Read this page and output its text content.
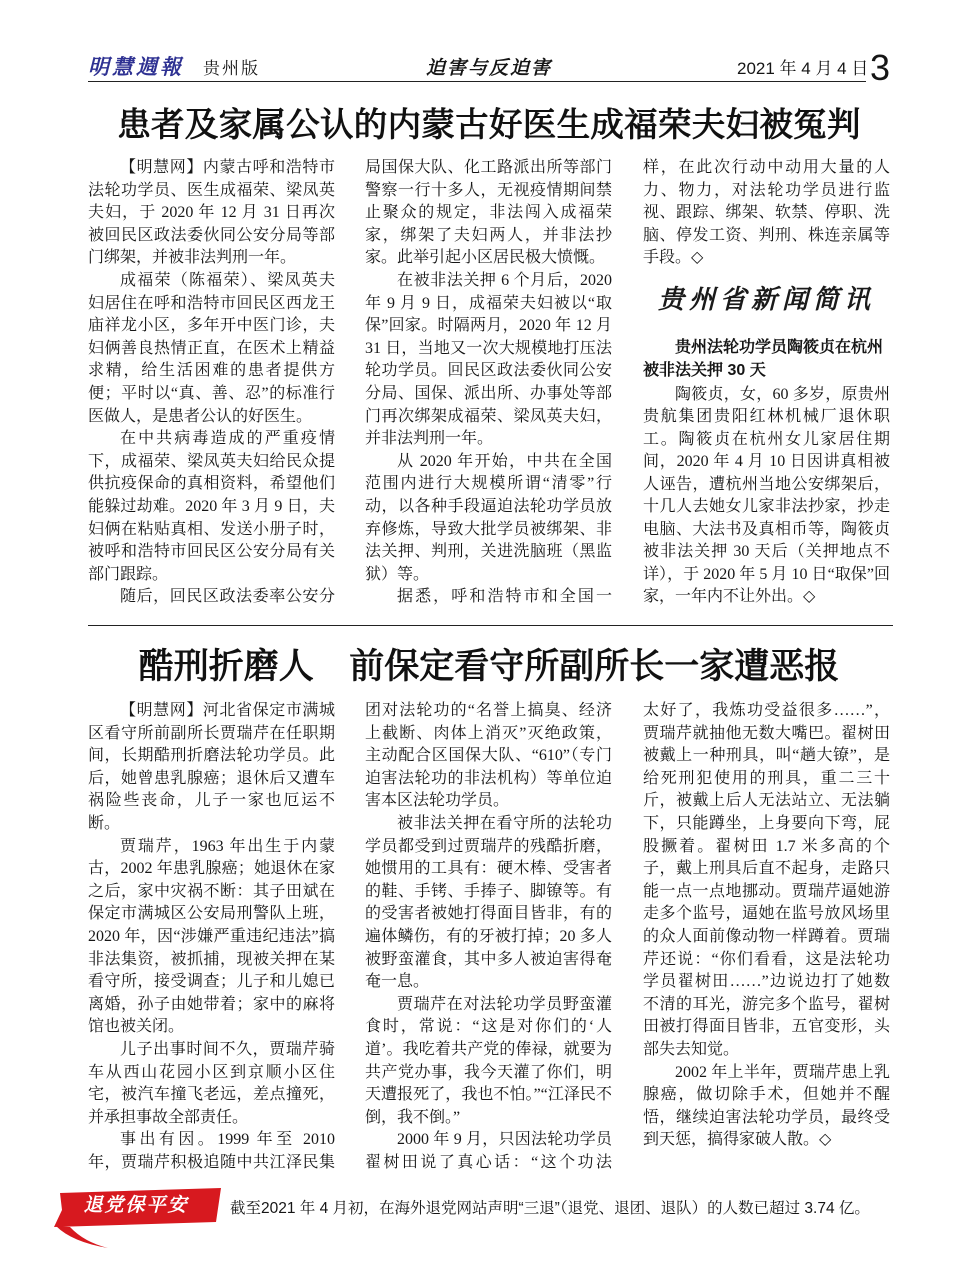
明慧週報 贵州版	迫害与反迫害	2021 年 4 月 4 日 3
患者及家属公认的内蒙古好医生成福荣夫妇被冤判

【明慧网】内蒙古呼和浩特市法轮功学员、医生成福荣、梁凤英夫妇，于 2020 年 12 月 31 日再次被回民区政法委伙同公安分局等部门绑架，并被非法判刑一年。

成福荣（陈福荣）、梁凤英夫妇居住在呼和浩特市回民区西龙王庙祥龙小区，多年开中医门诊，夫妇俩善良热情正直，在医术上精益求精，给生活困难的患者提供方便；平时以“真、善、忍”的标准行医做人，是患者公认的好医生。

在中共病毒造成的严重疫情下，成福荣、梁凤英夫妇给民众提供抗疫保命的真相资料，希望他们能躲过劫难。2020 年 3 月 9 日，夫妇俩在粘贴真相、发送小册子时，被呼和浩特市回民区公安分局有关部门跟踪。

随后，回民区政法委率公安分

局国保大队、化工路派出所等部门警察一行十多人，无视疫情期间禁止聚众的规定，非法闯入成福荣家，绑架了夫妇两人，并非法抄家。此举引起小区居民极大愤慨。

在被非法关押 6 个月后，2020 年 9 月 9 日，成福荣夫妇被以“取保”回家。时隔两月，2020 年 12 月 31 日，当地又一次大规模地打压法轮功学员。回民区政法委伙同公安分局、国保、派出所、办事处等部门再次绑架成福荣、梁凤英夫妇，并非法判刑一年。

从 2020 年开始，中共在全国范围内进行大规模所谓“清零”行动，以各种手段逼迫法轮功学员放弃修炼，导致大批学员被绑架、非法关押、判刑，关进洗脑班（黑监狱）等。

据悉，呼和浩特市和全国一

样，在此次行动中动用大量的人力、物力，对法轮功学员进行监视、跟踪、绑架、软禁、停职、洗脑、停发工资、判刑、株连亲属等手段。◇

贵州省新闻简讯
贵州法轮功学员陶筱贞在杭州被非法关押 30 天

陶筱贞，女，60 多岁，原贵州贵航集团贵阳红林机械厂退休职工。陶筱贞在杭州女儿家居住期间，2020 年 4 月 10 日因讲真相被人诬告，遭杭州当地公安绑架后，十几人去她女儿家非法抄家，抄走电脑、大法书及真相币等，陶筱贞被非法关押 30 天后（关押地点不详），于 2020 年 5 月 10 日“取保”回家，一年内不让外出。◇

酷刑折磨人  前保定看守所副所长一家遭恶报

【明慧网】河北省保定市满城区看守所前副所长贾瑞芹在任职期间，长期酷刑折磨法轮功学员。此后，她曾患乳腺癌；退休后又遭车祸险些丧命，儿子一家也厄运不断。

贾瑞芹，1963 年出生于内蒙古，2002 年患乳腺癌；她退休在家之后，家中灾祸不断：其子田斌在保定市满城区公安局刑警队上班，2020 年，因“涉嫌严重违纪违法”搞非法集资，被抓捕，现被关押在某看守所，接受调查；儿子和儿媳已离婚，孙子由她带着；家中的麻将馆也被关闭。

儿子出事时间不久，贾瑞芹骑车从西山花园小区到京顺小区住宅，被汽车撞飞老远，差点撞死，并承担事故全部责任。

事出有因。1999 年至 2010 年，贾瑞芹积极追随中共江泽民集

团对法轮功的“名誉上搞臭、经济上截断、肉体上消灭”灭绝政策，主动配合区国保大队、“610”（专门迫害法轮功的非法机构）等单位迫害本区法轮功学员。

被非法关押在看守所的法轮功学员都受到过贾瑞芹的残酷折磨，她惯用的工具有：硬木棒、受害者的鞋、手铐、手捧子、脚镣等。有的受害者被她打得面目皆非，有的遍体鳞伤，有的牙被打掉；20 多人被野蛮灌食，其中多人被迫害得奄奄一息。

贾瑞芹在对法轮功学员野蛮灌食时，常说：“这是对你们的‘人道’。我吃着共产党的俸禄，就要为共产党办事，我今天灌了你们，明天遭报死了，我也不怕。”“江泽民不倒，我不倒。”

2000 年 9 月，只因法轮功学员翟树田说了真心话：“这个功法

太好了，我炼功受益很多……”，贾瑞芹就抽他无数大嘴巴。翟树田被戴上一种刑具，叫“趟大镣”，是给死刑犯使用的刑具，重二三十斤，被戴上后人无法站立、无法躺下，只能蹲坐，上身要向下弯，屁股撅着。翟树田 1.7 米多高的个子，戴上刑具后直不起身，走路只能一点一点地挪动。贾瑞芹逼她游走多个监号，逼她在监号放风场里的众人面前像动物一样蹲着。贾瑞芹还说：“你们看看，这是法轮功学员翟树田……”边说边打了她数不清的耳光，游完多个监号，翟树田被打得面目皆非，五官变形，头部失去知觉。

2002 年上半年，贾瑞芹患上乳腺癌，做切除手术，但她并不醒悟，继续迫害法轮功学员，最终受到天惩，搞得家破人散。◇

退党保平安	截至2021 年 4 月初，在海外退党网站声明“三退”（退党、退团、退队）的人数已超过 3.74 亿。
